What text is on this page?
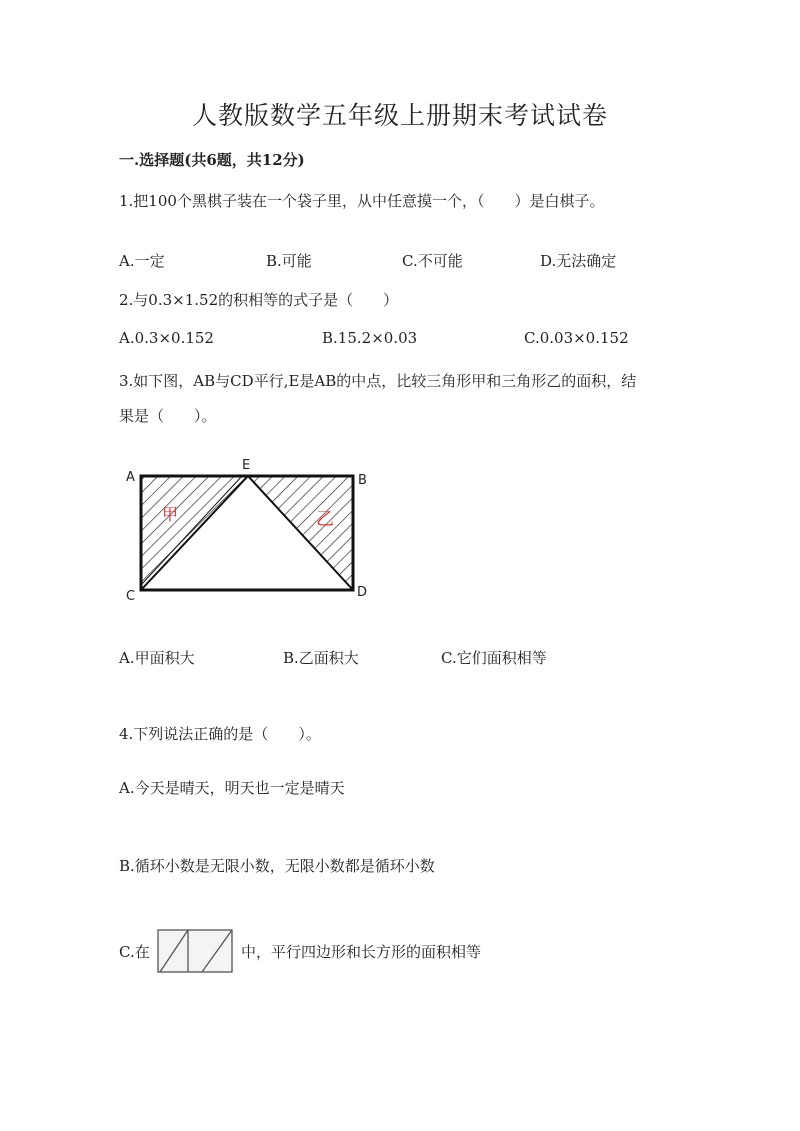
人教版数学五年级上册期末考试试卷
一.选择题(共6题，共12分)
1.把100个黑棋子装在一个袋子里，从中任意摸一个，（　　）是白棋子。
A.一定	B.可能	C.不可能	D.无法确定
2.与0.3×1.52的积相等的式子是（　　）
A.0.3×0.152	B.15.2×0.03	C.0.03×0.152
3.如下图，AB与CD平行,E是AB的中点，比较三角形甲和三角形乙的面积，结
果是（　　）。
A
E
B
C	D
甲	乙
A.甲面积大	B.乙面积大	C.它们面积相等
4.下列说法正确的是（　　）。
A.今天是晴天，明天也一定是晴天
B.循环小数是无限小数，无限小数都是循环小数
C.在	中，平行四边形和长方形的面积相等
